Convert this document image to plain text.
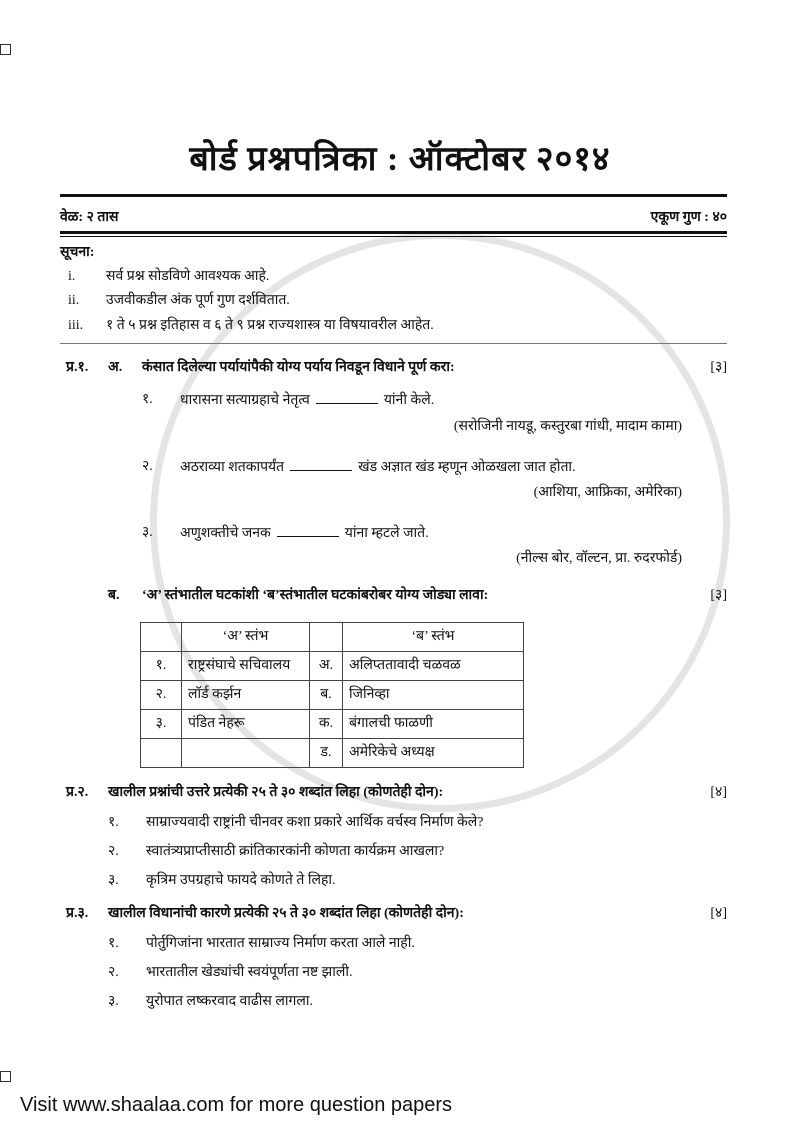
बोर्ड प्रश्नपत्रिका : ऑक्टोबर २०१४
वेळ: २ तास	एकूण गुण : ४०
सूचना:
i.	सर्व प्रश्न सोडविणे आवश्यक आहे.
ii.	उजवीकडील अंक पूर्ण गुण दर्शवितात.
iii.	१ ते ५ प्रश्न इतिहास व ६ ते ९ प्रश्न राज्यशास्त्र या विषयावरील आहेत.
प्र.१.	अ.	कंसात दिलेल्या पर्यायांपैकी योग्य पर्याय निवडून विधाने पूर्ण करा:	[३]
१.	धारासना सत्याग्रहाचे नेतृत्व	यांनी केले.
(सरोजिनी नायडू, कस्तुरबा गांधी, मादाम कामा)
२.	अठराव्या शतकापर्यंत	खंड अज्ञात खंड म्हणून ओळखला जात होता.
(आशिया, आफ्रिका, अमेरिका)
३.	अणुशक्तीचे जनक	यांना म्हटले जाते.
(नील्स बोर, वॉल्टन, प्रा. रुदरफोर्ड)
ब.	‘अ’ स्तंभातील घटकांशी ‘ब’स्तंभातील घटकांबरोबर योग्य जोड्या लावा:	[३]
	‘अ’ स्तंभ		‘ब’ स्तंभ
१.	राष्ट्रसंघाचे सचिवालय	अ.	अलिप्ततावादी चळवळ
२.	लॉर्ड कर्झन	ब.	जिनिव्हा
३.	पंडित नेहरू	क.	बंगालची फाळणी
		ड.	अमेरिकेचे अध्यक्ष
प्र.२.	खालील प्रश्नांची उत्तरे प्रत्येकी २५ ते ३० शब्दांत लिहा (कोणतेही दोन):	[४]
१.	साम्राज्यवादी राष्ट्रांनी चीनवर कशा प्रकारे आर्थिक वर्चस्व निर्माण केले?
२.	स्वातंत्र्यप्राप्तीसाठी क्रांतिकारकांनी कोणता कार्यक्रम आखला?
३.	कृत्रिम उपग्रहाचे फायदे कोणते ते लिहा.
प्र.३.	खालील विधानांची कारणे प्रत्येकी २५ ते ३० शब्दांत लिहा (कोणतेही दोन):	[४]
१.	पोर्तुगिजांना भारतात साम्राज्य निर्माण करता आले नाही.
२.	भारतातील खेड्यांची स्वयंपूर्णता नष्ट झाली.
३.	युरोपात लष्करवाद वाढीस लागला.
Visit www.shaalaa.com for more question papers
